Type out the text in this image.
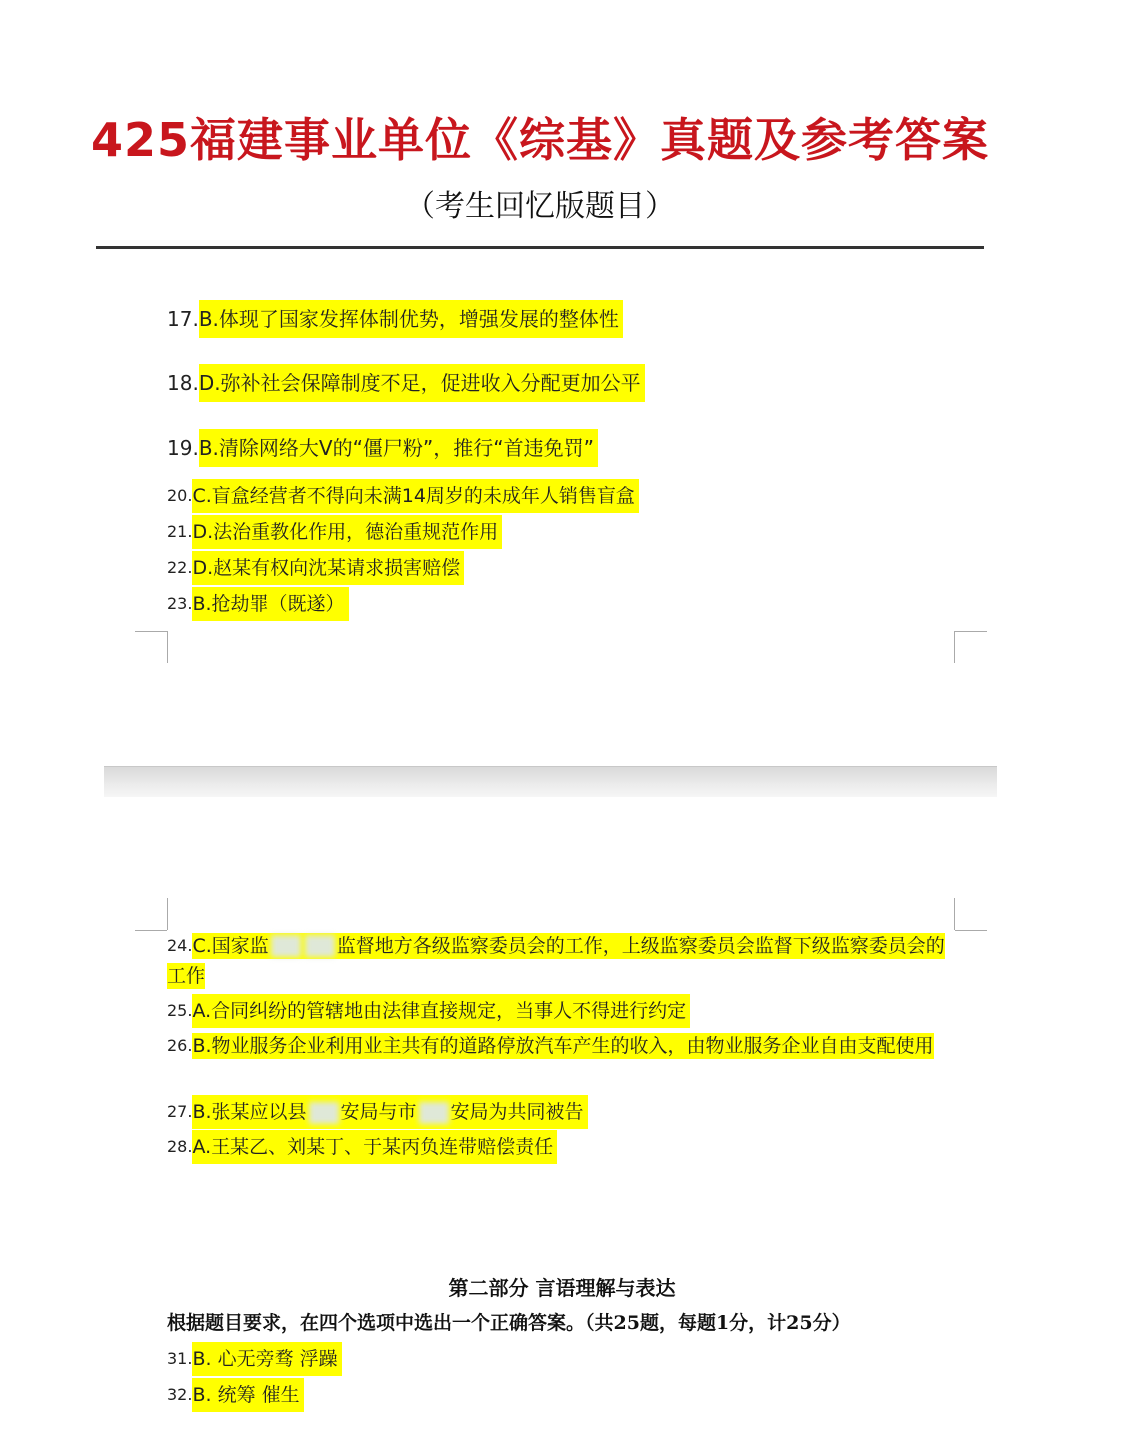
425福建事业单位《综基》真题及参考答案
（考生回忆版题目）
17.B.体现了国家发挥体制优势，增强发展的整体性
18.D.弥补社会保障制度不足，促进收入分配更加公平
19.B.清除网络大V的“僵尸粉”，推行“首违免罚”
20.C.盲盒经营者不得向未满14周岁的未成年人销售盲盒
21.D.法治重教化作用，德治重规范作用
22.D.赵某有权向沈某请求损害赔偿
23.B.抢劫罪（既遂）
24.C.国家监	监督地方各级监察委员会的工作，上级监察委员会监督下级监察委员会的工作
25.A.合同纠纷的管辖地由法律直接规定，当事人不得进行约定
26.B.物业服务企业利用业主共有的道路停放汽车产生的收入，由物业服务企业自由支配使用
27.B.张某应以县 安局与市 安局为共同被告
28.A.王某乙、刘某丁、于某丙负连带赔偿责任
第二部分 言语理解与表达
根据题目要求，在四个选项中选出一个正确答案。（共25题，每题1分，计25分）
31.B. 心无旁骛 浮躁
32.B. 统筹 催生
